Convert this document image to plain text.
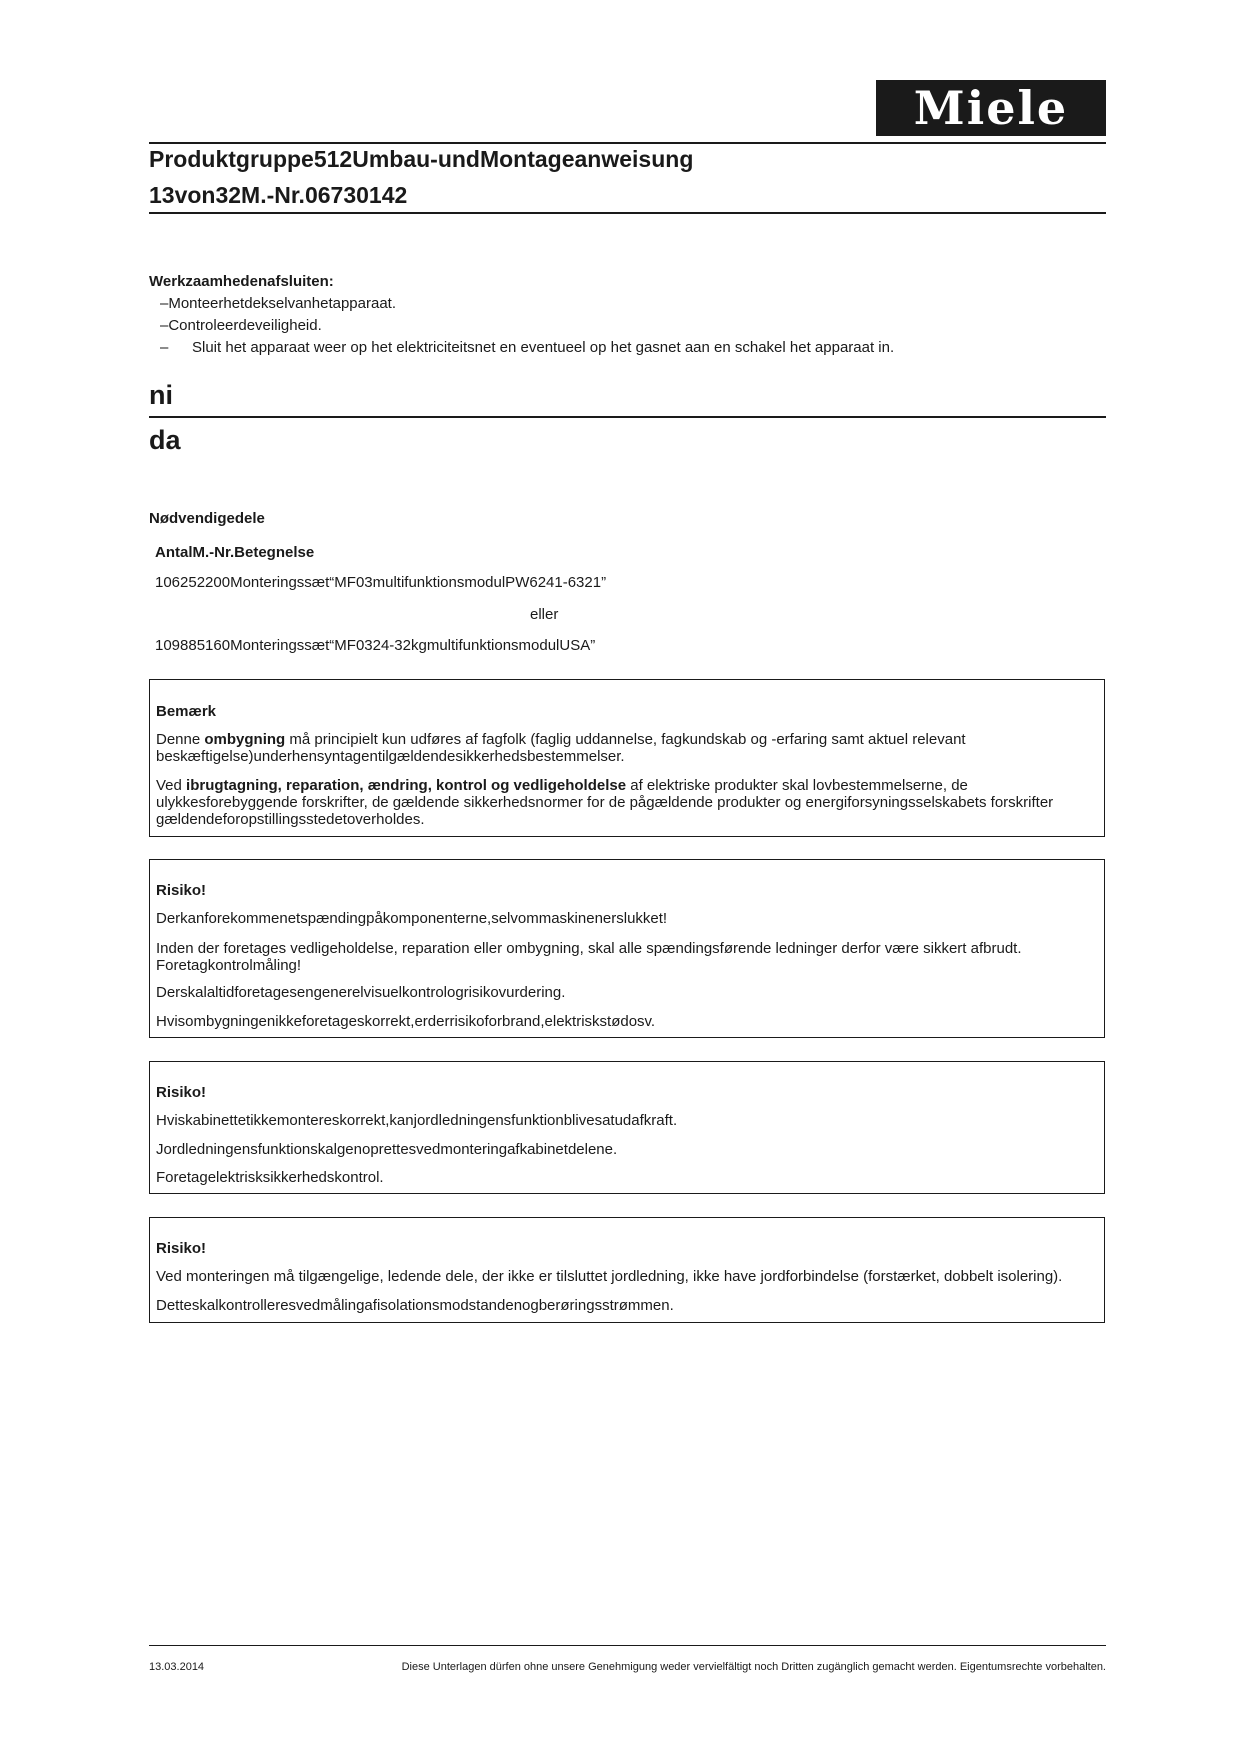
Miele
Produktgruppe512Umbau-undMontageanweisung
13von32M.-Nr.06730142
Werkzaamhedenafsluiten:
–Monteerhetdekselvanhetapparaat.
–Controleerdeveiligheid.
– Sluit het apparaat weer op het elektriciteitsnet en eventueel op het gasnet aan en schakel het apparaat in.
ni
da
Nødvendigedele
AntalM.-Nr.Betegnelse
106252200Monteringssæt“MF03multifunktionsmodulPW6241-6321”
eller
109885160Monteringssæt“MF0324-32kgmultifunktionsmodulUSA”
Bemærk
Denne ombygning må principielt kun udføres af fagfolk (faglig uddannelse, fagkundskab og -erfaring samt aktuel relevant
beskæftigelse)underhensyntagentilgældendesikkerhedsbestemmelser.
Ved ibrugtagning, reparation, ændring, kontrol og vedligeholdelse af elektriske produkter skal lovbestemmelserne, de
ulykkesforebyggende forskrifter, de gældende sikkerhedsnormer for de pågældende produkter og energiforsyningsselskabets forskrifter
gældendeforopstillingsstedetoverholdes.
Risiko!
Derkanforekommenetspændingpåkomponenterne,selvommaskinenerslukket!
Inden der foretages vedligeholdelse, reparation eller ombygning, skal alle spændingsførende ledninger derfor være sikkert afbrudt.
Foretagkontrolmåling!
Derskalaltidforetagesengenerelvisuelkontrologrisikovurdering.
Hvisombygningenikkeforetageskorrekt,erderrisikoforbrand,elektriskstødosv.
Risiko!
Hviskabinettetikkemontereskorrekt,kanjordledningensfunktionblivesatudafkraft.
Jordledningensfunktionskalgenoprettesvedmonteringafkabinetdelene.
Foretagelektrisksikkerhedskontrol.
Risiko!
Ved monteringen må tilgængelige, ledende dele, der ikke er tilsluttet jordledning, ikke have jordforbindelse (forstærket, dobbelt isolering).
Detteskalkontrolleresvedmålingafisolationsmodstandenogberøringsstrømmen.
13.03.2014	Diese Unterlagen dürfen ohne unsere Genehmigung weder vervielfältigt noch Dritten zugänglich gemacht werden. Eigentumsrechte vorbehalten.
